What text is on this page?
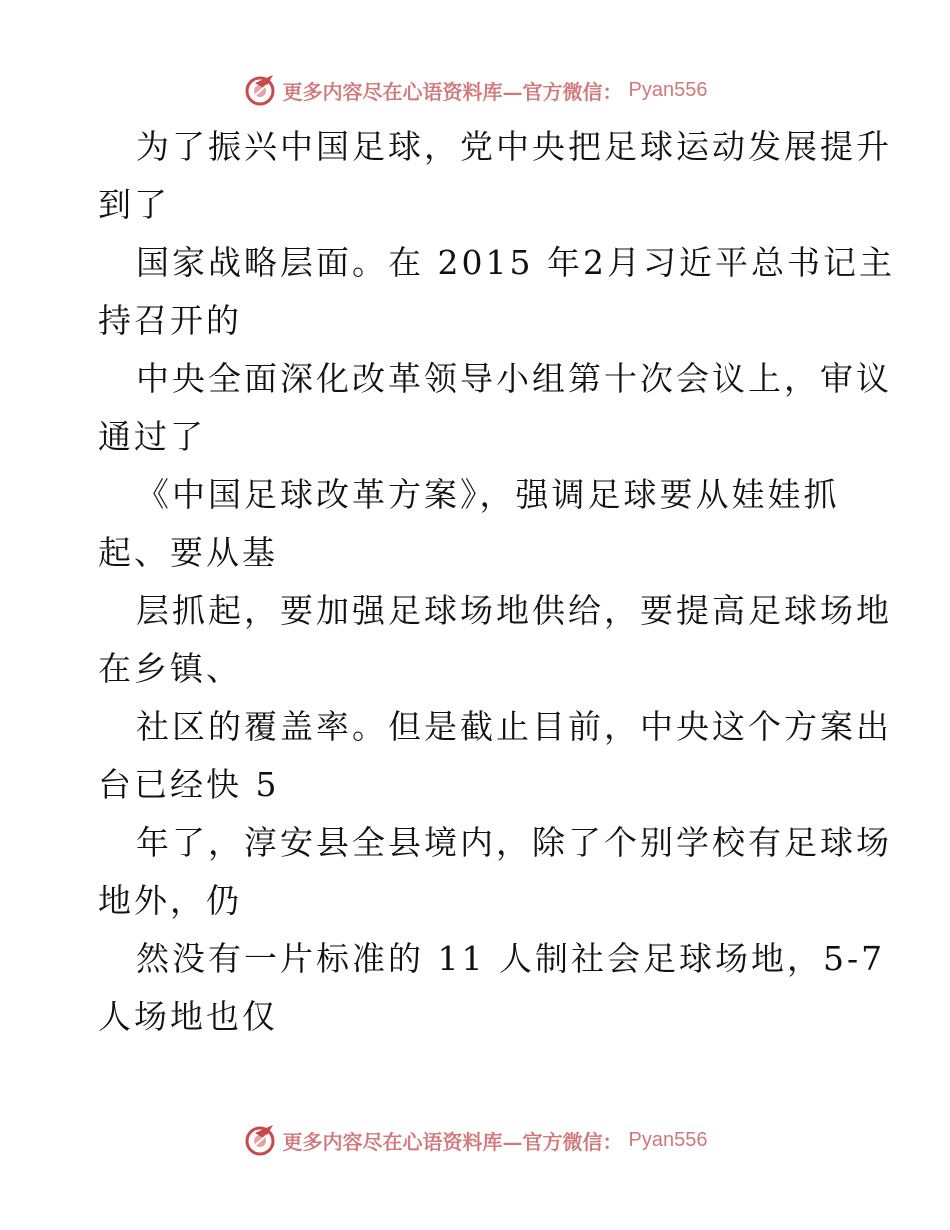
更多内容尽在心语资料库—官方微信： Pyan556
为了振兴中国足球，党中央把足球运动发展提升
到了
国家战略层面。在 2015 年2月习近平总书记主
持召开的
中央全面深化改革领导小组第十次会议上，审议
通过了
《中国足球改革方案》，强调足球要从娃娃抓
起、要从基
层抓起，要加强足球场地供给，要提高足球场地
在乡镇、
社区的覆盖率。但是截止目前，中央这个方案出
台已经快 5
年了，淳安县全县境内，除了个别学校有足球场
地外，仍
然没有一片标准的 11 人制社会足球场地，5-7
人场地也仅
更多内容尽在心语资料库—官方微信： Pyan556
